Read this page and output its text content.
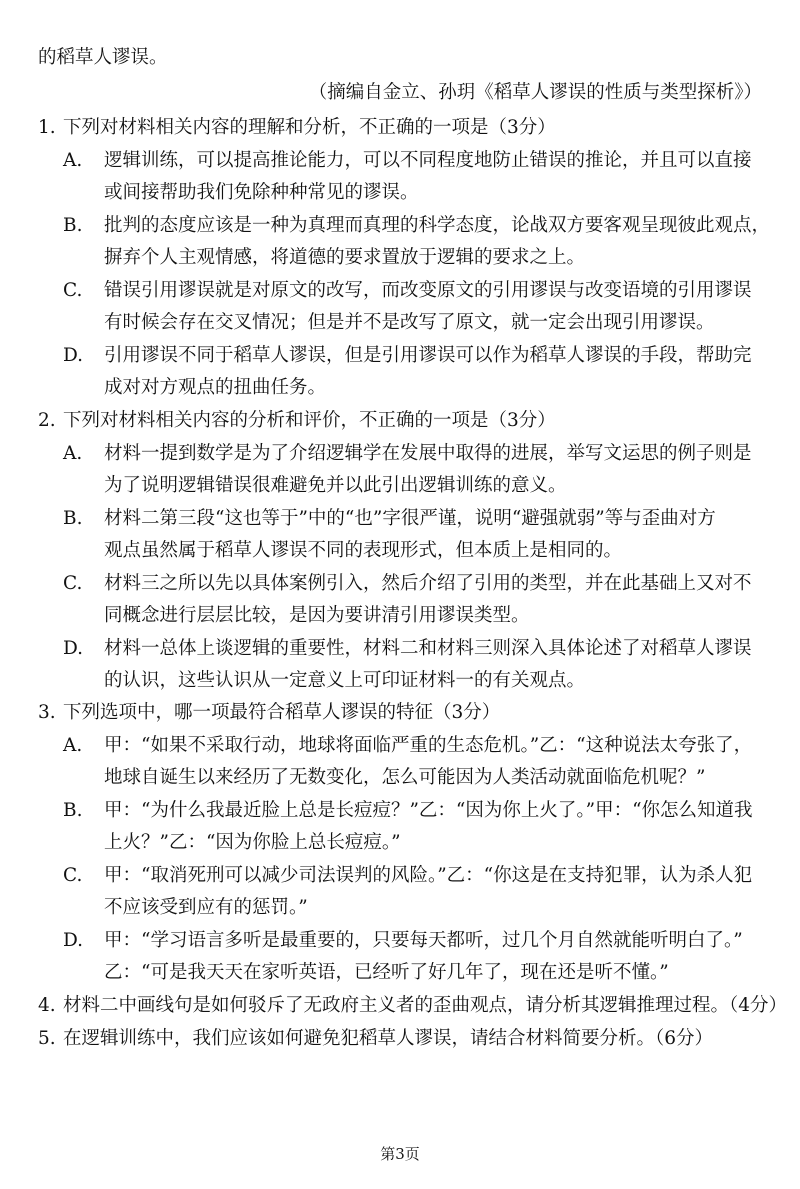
的稻草人谬误。
（摘编自金立、孙玥《稻草人谬误的性质与类型探析》）
1. 下列对材料相关内容的理解和分析，不正确的一项是（3分）
A.	逻辑训练，可以提高推论能力，可以不同程度地防止错误的推论，并且可以直接
或间接帮助我们免除种种常见的谬误。
B.	批判的态度应该是一种为真理而真理的科学态度，论战双方要客观呈现彼此观点，
摒弃个人主观情感，将道德的要求置放于逻辑的要求之上。
C.	错误引用谬误就是对原文的改写，而改变原文的引用谬误与改变语境的引用谬误
有时候会存在交叉情况；但是并不是改写了原文，就一定会出现引用谬误。
D.	引用谬误不同于稻草人谬误，但是引用谬误可以作为稻草人谬误的手段，帮助完
成对对方观点的扭曲任务。
2. 下列对材料相关内容的分析和评价，不正确的一项是（3分）
A.	材料一提到数学是为了介绍逻辑学在发展中取得的进展，举写文运思的例子则是
为了说明逻辑错误很难避免并以此引出逻辑训练的意义。
B.	材料二第三段“这也等于”中的“也”字很严谨，说明“避强就弱”等与歪曲对方
观点虽然属于稻草人谬误不同的表现形式，但本质上是相同的。
C.	材料三之所以先以具体案例引入，然后介绍了引用的类型，并在此基础上又对不
同概念进行层层比较，是因为要讲清引用谬误类型。
D.	材料一总体上谈逻辑的重要性，材料二和材料三则深入具体论述了对稻草人谬误
的认识，这些认识从一定意义上可印证材料一的有关观点。
3. 下列选项中，哪一项最符合稻草人谬误的特征（3分）
A.	甲：“如果不采取行动，地球将面临严重的生态危机。”乙：“这种说法太夸张了，
地球自诞生以来经历了无数变化，怎么可能因为人类活动就面临危机呢？”
B.	甲：“为什么我最近脸上总是长痘痘？”乙：“因为你上火了。”甲：“你怎么知道我
上火？”乙：“因为你脸上总长痘痘。”
C.	甲：“取消死刑可以减少司法误判的风险。”乙：“你这是在支持犯罪，认为杀人犯
不应该受到应有的惩罚。”
D.	甲：“学习语言多听是最重要的，只要每天都听，过几个月自然就能听明白了。”
乙：“可是我天天在家听英语，已经听了好几年了，现在还是听不懂。”
4. 材料二中画线句是如何驳斥了无政府主义者的歪曲观点，请分析其逻辑推理过程。（4分）
5. 在逻辑训练中，我们应该如何避免犯稻草人谬误，请结合材料简要分析。（6分）
第3页
